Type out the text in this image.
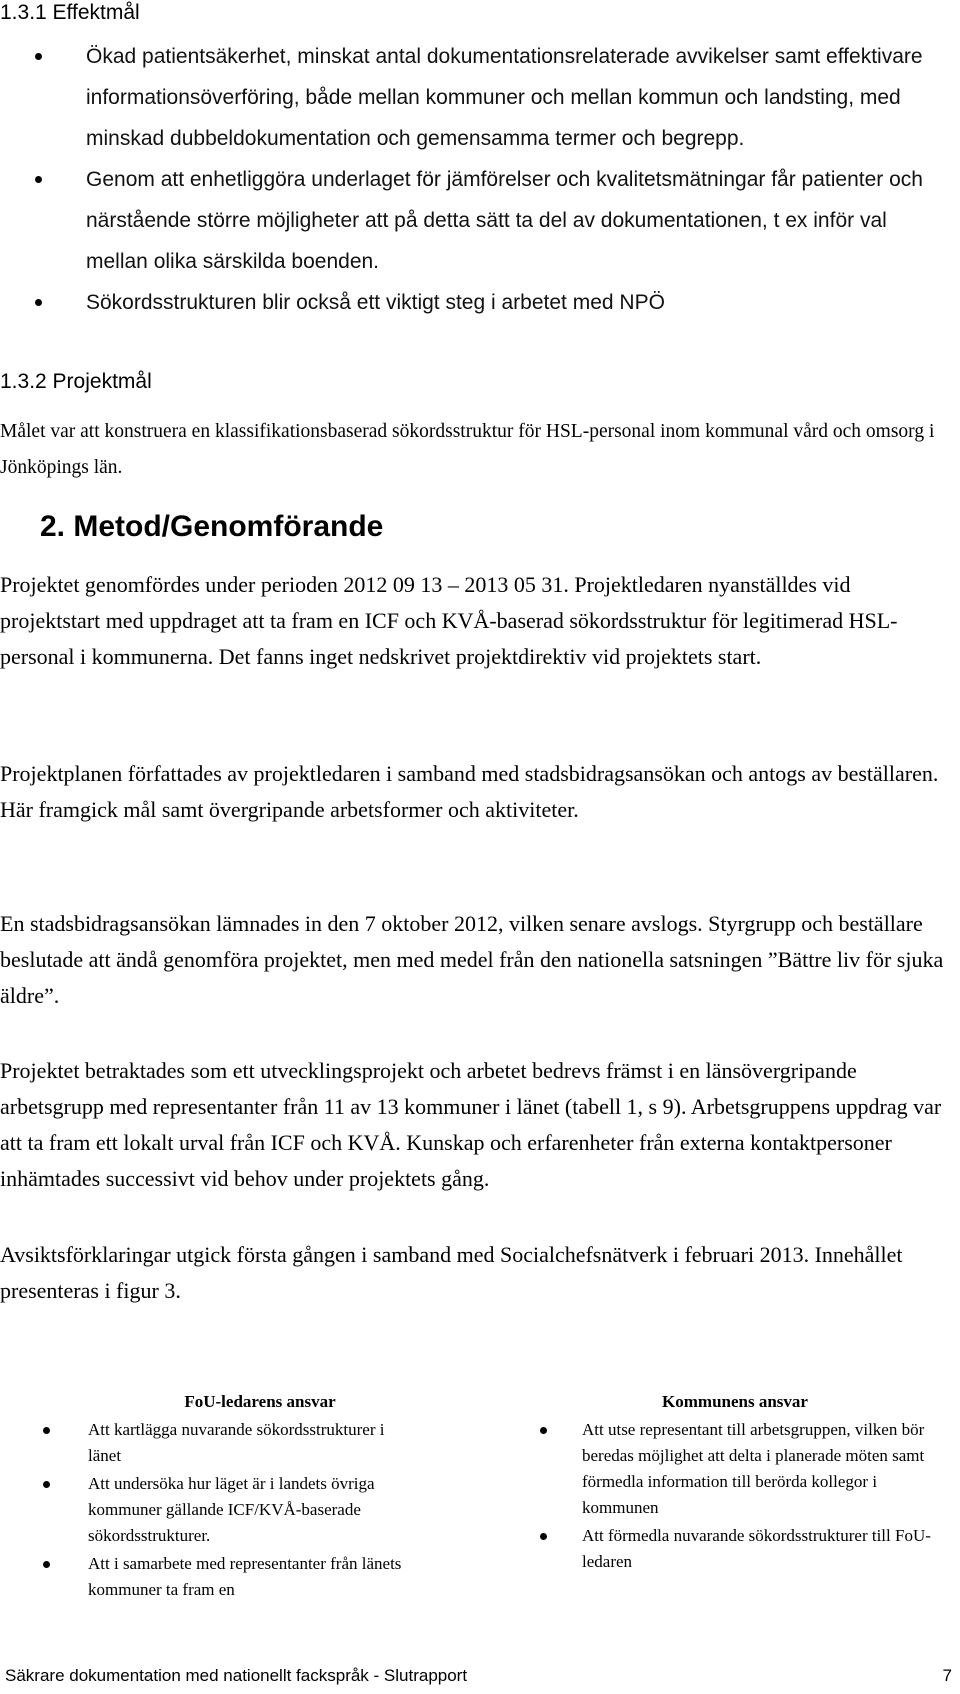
1.3.1 Effektmål
Ökad patientsäkerhet, minskat antal dokumentationsrelaterade avvikelser samt effektivare informationsöverföring, både mellan kommuner och mellan kommun och landsting, med minskad dubbeldokumentation och gemensamma termer och begrepp.
Genom att enhetliggöra underlaget för jämförelser och kvalitetsmätningar får patienter och närstående större möjligheter att på detta sätt ta del av dokumentationen, t ex inför val mellan olika särskilda boenden.
Sökordsstrukturen blir också ett viktigt steg i arbetet med NPÖ
1.3.2 Projektmål

Målet var att konstruera en klassifikationsbaserad sökordsstruktur för HSL-personal inom kommunal vård och omsorg i Jönköpings län.

2. Metod/Genomförande

Projektet genomfördes under perioden 2012 09 13 – 2013 05 31. Projektledaren nyanställdes vid projektstart med uppdraget att ta fram en ICF och KVÅ-baserad sökordsstruktur för legitimerad HSL-personal i kommunerna. Det fanns inget nedskrivet projektdirektiv vid projektets start.

Projektplanen författades av projektledaren i samband med stadsbidragsansökan och antogs av beställaren. Här framgick mål samt övergripande arbetsformer och aktiviteter.

En stadsbidragsansökan lämnades in den 7 oktober 2012, vilken senare avslogs. Styrgrupp och beställare beslutade att ändå genomföra projektet, men med medel från den nationella satsningen ”Bättre liv för sjuka äldre”.

Projektet betraktades som ett utvecklingsprojekt och arbetet bedrevs främst i en länsövergripande arbetsgrupp med representanter från 11 av 13 kommuner i länet (tabell 1, s 9). Arbetsgruppens uppdrag var att ta fram ett lokalt urval från ICF och KVÅ. Kunskap och erfarenheter från externa kontaktpersoner inhämtades successivt vid behov under projektets gång.

Avsiktsförklaringar utgick första gången i samband med Socialchefsnätverk i februari 2013. Innehållet presenteras i figur 3.

FoU-ledarens ansvar
Att kartlägga nuvarande sökordsstrukturer i länet
Att undersöka hur läget är i landets övriga kommuner gällande ICF/KVÅ-baserade sökordsstrukturer.
Att i samarbete med representanter från länets kommuner ta fram en
Kommunens ansvar
Att utse representant till arbetsgruppen, vilken bör beredas möjlighet att delta i planerade möten samt förmedla information till berörda kollegor i kommunen
Att förmedla nuvarande sökordsstrukturer till FoU-ledaren
Säkrare dokumentation med nationellt fackspråk - Slutrapport	7
